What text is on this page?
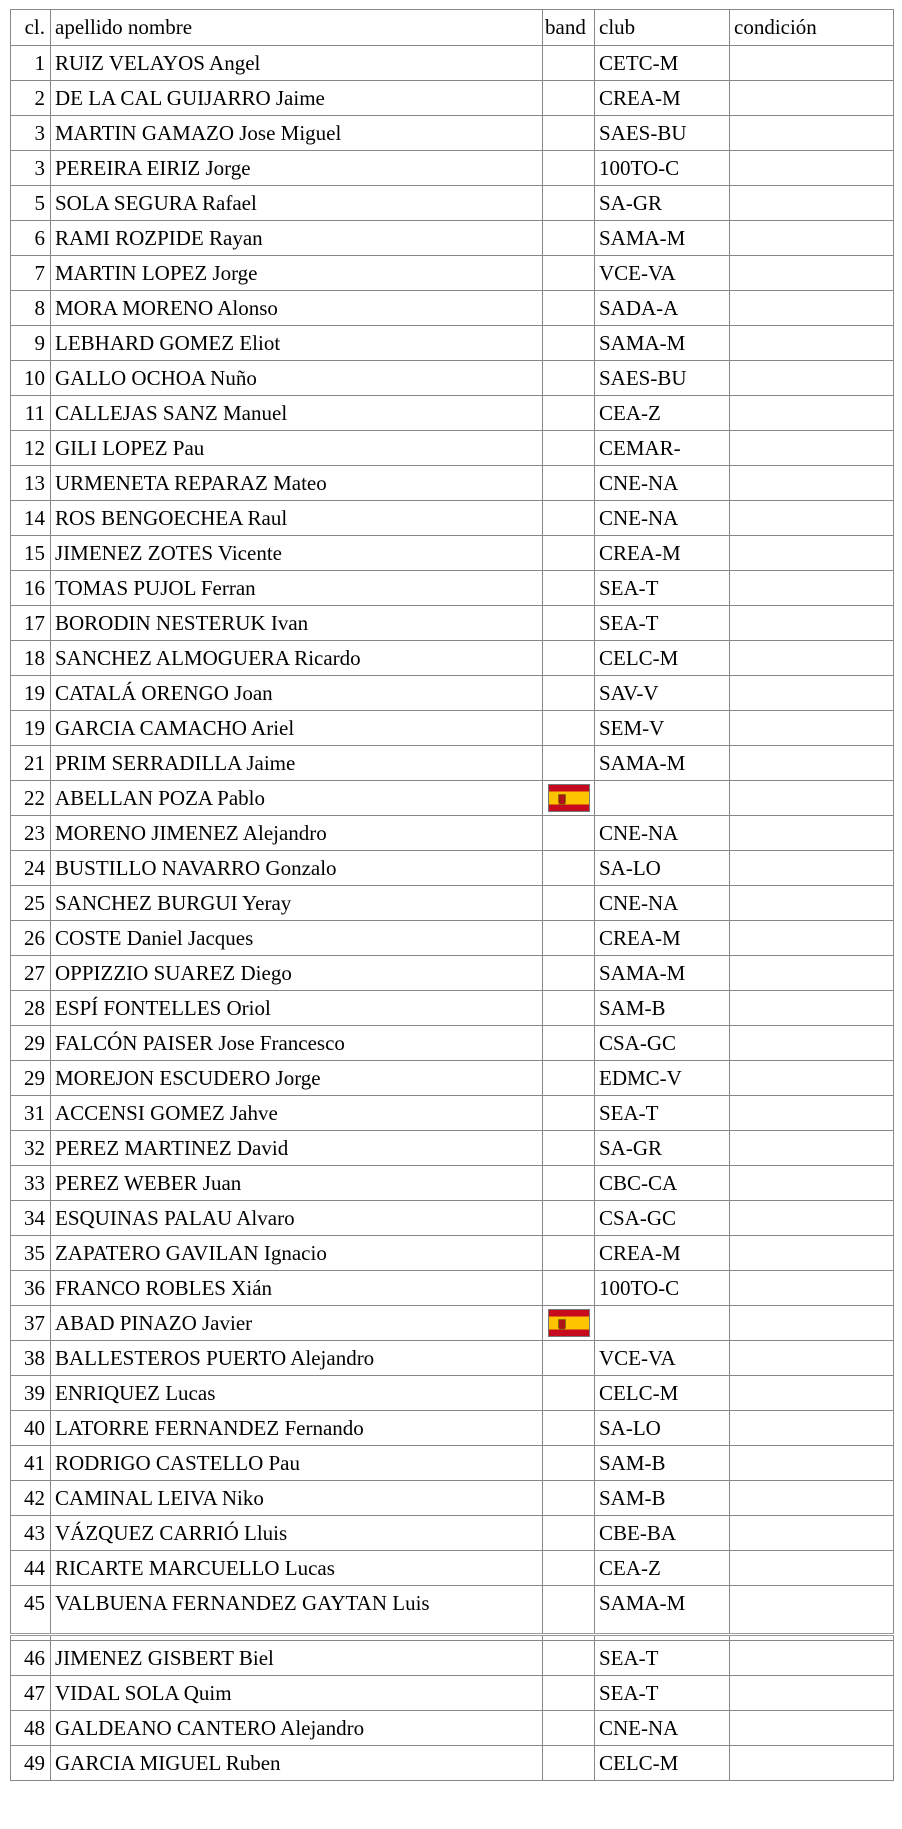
cl.	apellido nombre	band	club	condición
1	RUIZ VELAYOS Angel		CETC-M	
2	DE LA CAL GUIJARRO Jaime		CREA-M	
3	MARTIN GAMAZO Jose Miguel		SAES-BU	
3	PEREIRA EIRIZ Jorge		100TO-C	
5	SOLA SEGURA Rafael		SA-GR	
6	RAMI ROZPIDE Rayan		SAMA-M	
7	MARTIN LOPEZ Jorge		VCE-VA	
8	MORA MORENO Alonso		SADA-A	
9	LEBHARD GOMEZ Eliot		SAMA-M	
10	GALLO OCHOA Nuño		SAES-BU	
11	CALLEJAS SANZ Manuel		CEA-Z	
12	GILI LOPEZ Pau		CEMAR-	
13	URMENETA REPARAZ Mateo		CNE-NA	
14	ROS BENGOECHEA Raul		CNE-NA	
15	JIMENEZ ZOTES Vicente		CREA-M	
16	TOMAS PUJOL Ferran		SEA-T	
17	BORODIN NESTERUK Ivan		SEA-T	
18	SANCHEZ ALMOGUERA Ricardo		CELC-M	
19	CATALÁ ORENGO Joan		SAV-V	
19	GARCIA CAMACHO Ariel		SEM-V	
21	PRIM SERRADILLA Jaime		SAMA-M	
22	ABELLAN POZA Pablo	

23	MORENO JIMENEZ Alejandro		CNE-NA	
24	BUSTILLO NAVARRO Gonzalo		SA-LO	
25	SANCHEZ BURGUI Yeray		CNE-NA	
26	COSTE Daniel Jacques		CREA-M	
27	OPPIZZIO SUAREZ Diego		SAMA-M	
28	ESPÍ FONTELLES Oriol		SAM-B	
29	FALCÓN PAISER Jose Francesco		CSA-GC	
29	MOREJON ESCUDERO Jorge		EDMC-V	
31	ACCENSI GOMEZ Jahve		SEA-T	
32	PEREZ MARTINEZ David		SA-GR	
33	PEREZ WEBER Juan		CBC-CA	
34	ESQUINAS PALAU Alvaro		CSA-GC	
35	ZAPATERO GAVILAN Ignacio		CREA-M	
36	FRANCO ROBLES Xián		100TO-C	
37	ABAD PINAZO Javier	

38	BALLESTEROS PUERTO Alejandro		VCE-VA	
39	ENRIQUEZ Lucas		CELC-M	
40	LATORRE FERNANDEZ Fernando		SA-LO	
41	RODRIGO CASTELLO Pau		SAM-B	
42	CAMINAL LEIVA Niko		SAM-B	
43	VÁZQUEZ CARRIÓ Lluis		CBE-BA	
44	RICARTE MARCUELLO Lucas		CEA-Z	
45	VALBUENA FERNANDEZ GAYTAN Luis		SAMA-M	

46	JIMENEZ GISBERT Biel		SEA-T	
47	VIDAL SOLA Quim		SEA-T	
48	GALDEANO CANTERO Alejandro		CNE-NA	
49	GARCIA MIGUEL Ruben		CELC-M	
